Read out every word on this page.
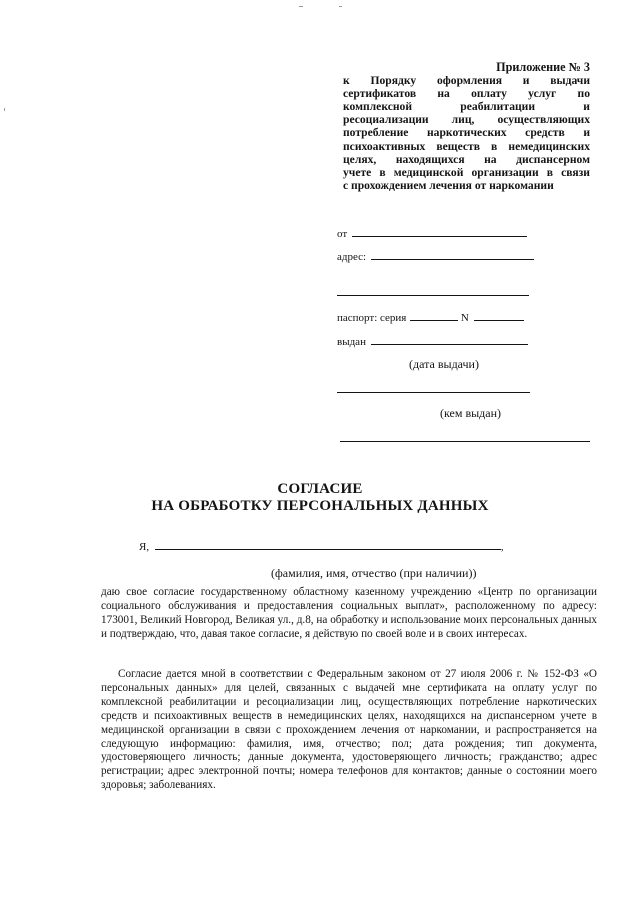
Приложение № 3
к Порядку оформления и выдачи
сертификатов на оплату услуг по
комплексной реабилитации и
ресоциализации лиц, осуществляющих
потребление наркотических средств и
психоактивных веществ в немедицинских
целях, находящихся на диспансерном
учете в медицинской организации в связи
с прохождением лечения от наркомании
от
адрес:
паспорт: серия	N
выдан
(дата выдачи)
(кем выдан)
СОГЛАСИЕ
НА ОБРАБОТКУ ПЕРСОНАЛЬНЫХ ДАННЫХ
Я,	,
(фамилия, имя, отчество (при наличии))

даю свое согласие государственному областному казенному учреждению «Центр по организации социального обслуживания и предоставления социальных выплат», расположенному по адресу: 173001, Великий Новгород, Великая ул., д.8, на обработку и использование моих персональных данных и подтверждаю, что, давая такое согласие, я действую по своей воле и в своих интересах.

Согласие дается мной в соответствии с Федеральным законом от 27 июля 2006 г. № 152-ФЗ «О персональных данных» для целей, связанных с выдачей мне сертификата на оплату услуг по комплексной реабилитации и ресоциализации лиц, осуществляющих потребление наркотических средств и психоактивных веществ в немедицинских целях, находящихся на диспансерном учете в медицинской организации в связи с прохождением лечения от наркомании, и распространяется на следующую информацию: фамилия, имя, отчество; пол; дата рождения; тип документа, удостоверяющего личность; данные документа, удостоверяющего личность; гражданство; адрес регистрации; адрес электронной почты; номера телефонов для контактов; данные о состоянии моего здоровья; заболеваниях.
